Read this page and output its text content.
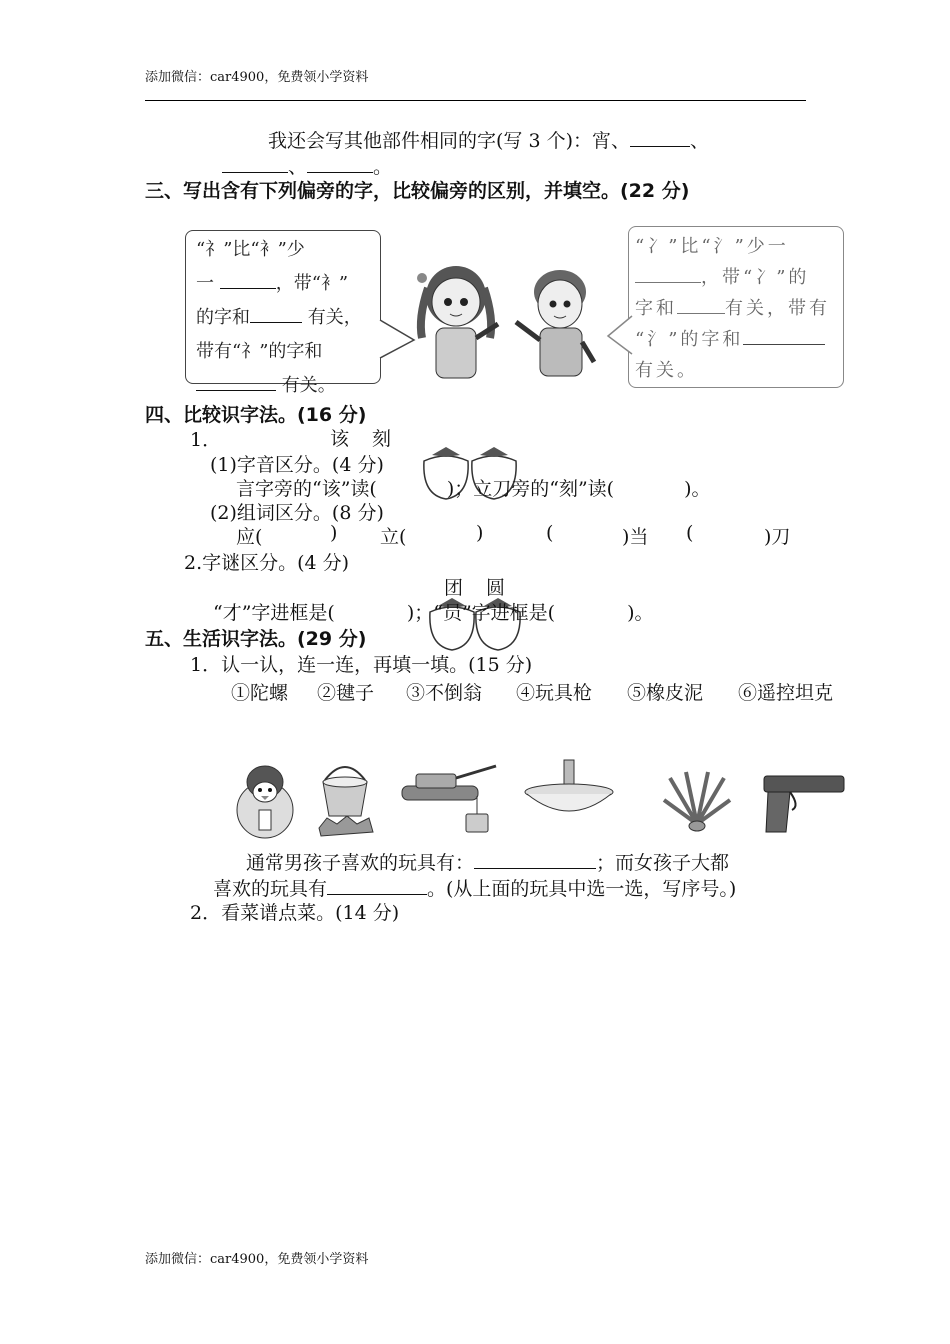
添加微信：car4900，免费领小学资料
我还会写其他部件相同的字(写 3 个)：宵、	、
、	。
三、写出含有下列偏旁的字，比较偏旁的区别，并填空。(22 分)
“礻”比“衤”少
一	，带“衤”
的字和	有关，
带有“礻”的字和
有关。
“冫”比“氵”少一
，带“冫”的
字和	有关，带有
“氵”的字和
有关。
四、比较识字法。(16 分)
1．	该　刻
(1)字音区分。(4 分)
言字旁的“该”读(	)；立刀旁的“刻”读(	)。
(2)组词区分。(8 分)
应(	) 立(	)	(	)当 (	)刀
2.字谜区分。(4 分)
团　圆
“才”字进框是(	)；“员”字进框是(	)。
五、生活识字法。(29 分)
1．认一认，连一连，再填一填。(15 分)
①陀螺 ②毽子 ③不倒翁 ④玩具枪 ⑤橡皮泥 ⑥遥控坦克
通常男孩子喜欢的玩具有：	；而女孩子大都
喜欢的玩具有	。(从上面的玩具中选一选，写序号。)
2．看菜谱点菜。(14 分)
添加微信：car4900，免费领小学资料
